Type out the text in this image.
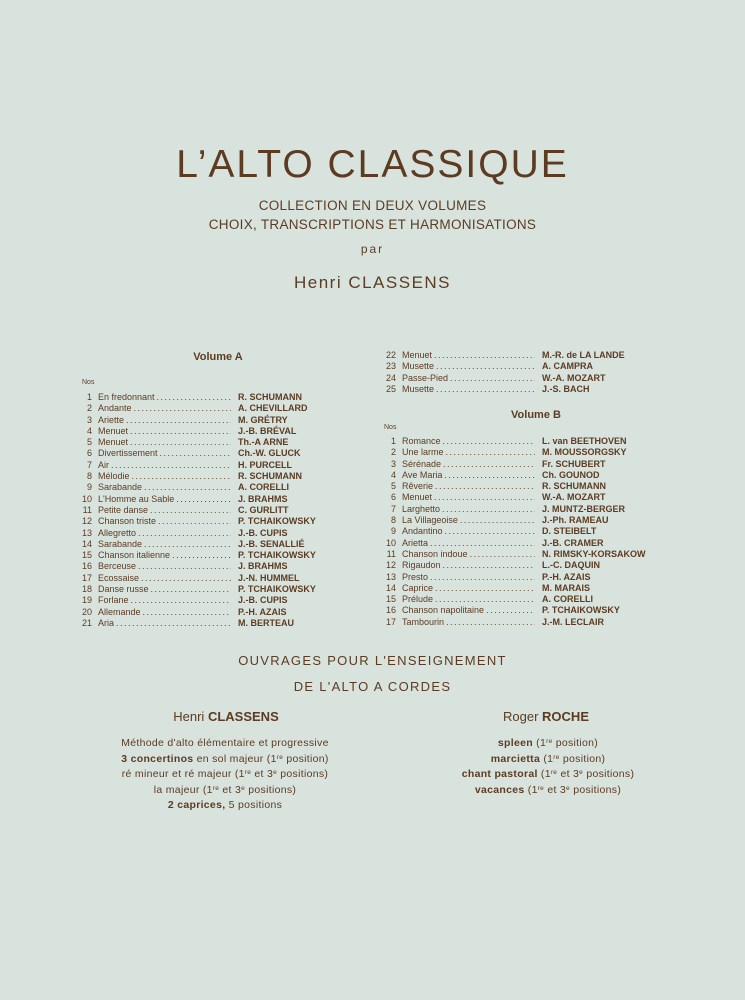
L’ALTO CLASSIQUE
COLLECTION EN DEUX VOLUMES
CHOIX, TRANSCRIPTIONS ET HARMONISATIONS
par
Henri CLASSENS
Volume A
Nos
1 En fredonnant .....	R. SCHUMANN
2 Andante .....	A. CHEVILLARD
3 Ariette .....	M. GRÉTRY
4 Menuet .....	J.-B. BRÉVAL
5 Menuet .....	Th.-A ARNE
6 Divertissement .....	Ch.-W. GLUCK
7 Air .....	H. PURCELL
8 Mélodie .....	R. SCHUMANN
9 Sarabande .....	A. CORELLI
10 L'Homme au Sable .....	J. BRAHMS
11 Petite danse .....	C. GURLITT
12 Chanson triste .....	P. TCHAIKOWSKY
13 Allegretto .....	J.-B. CUPIS
14 Sarabande .....	J.-B. SENALLIÉ
15 Chanson italienne .....	P. TCHAIKOWSKY
16 Berceuse .....	J. BRAHMS
17 Ecossaise .....	J.-N. HUMMEL
18 Danse russe .....	P. TCHAIKOWSKY
19 Forlane .....	J.-B. CUPIS
20 Allemande .....	P.-H. AZAIS
21 Aria .....	M. BERTEAU
22 Menuet .....	M.-R. de LA LANDE
23 Musette .....	A. CAMPRA
24 Passe-Pied .....	W.-A. MOZART
25 Musette .....	J.-S. BACH
Volume B
Nos
1 Romance .....	L. van BEETHOVEN
2 Une larme .....	M. MOUSSORGSKY
3 Sérénade .....	Fr. SCHUBERT
4 Ave Maria .....	Ch. GOUNOD
5 Rêverie .....	R. SCHUMANN
6 Menuet .....	W.-A. MOZART
7 Larghetto .....	J. MUNTZ-BERGER
8 La Villageoise .....	J.-Ph. RAMEAU
9 Andantino .....	D. STEIBELT
10 Arietta .....	J.-B. CRAMER
11 Chanson indoue .....	N. RIMSKY-KORSAKOW
12 Rigaudon .....	L.-C. DAQUIN
13 Presto .....	P.-H. AZAIS
14 Caprice .....	M. MARAIS
15 Prélude .....	A. CORELLI
16 Chanson napolitaine .....	P. TCHAIKOWSKY
17 Tambourin .....	J.-M. LECLAIR
OUVRAGES POUR L'ENSEIGNEMENT
DE L'ALTO A CORDES
Henri CLASSENS	Roger ROCHE
Méthode d'alto élémentaire et progressive
3 concertinos en sol majeur (1re position)
ré mineur et ré majeur (1re et 3e positions)
la majeur (1re et 3e positions)
2 caprices, 5 positions
spleen (1re position)
marcietta (1re position)
chant pastoral (1re et 3e positions)
vacances (1re et 3e positions)
